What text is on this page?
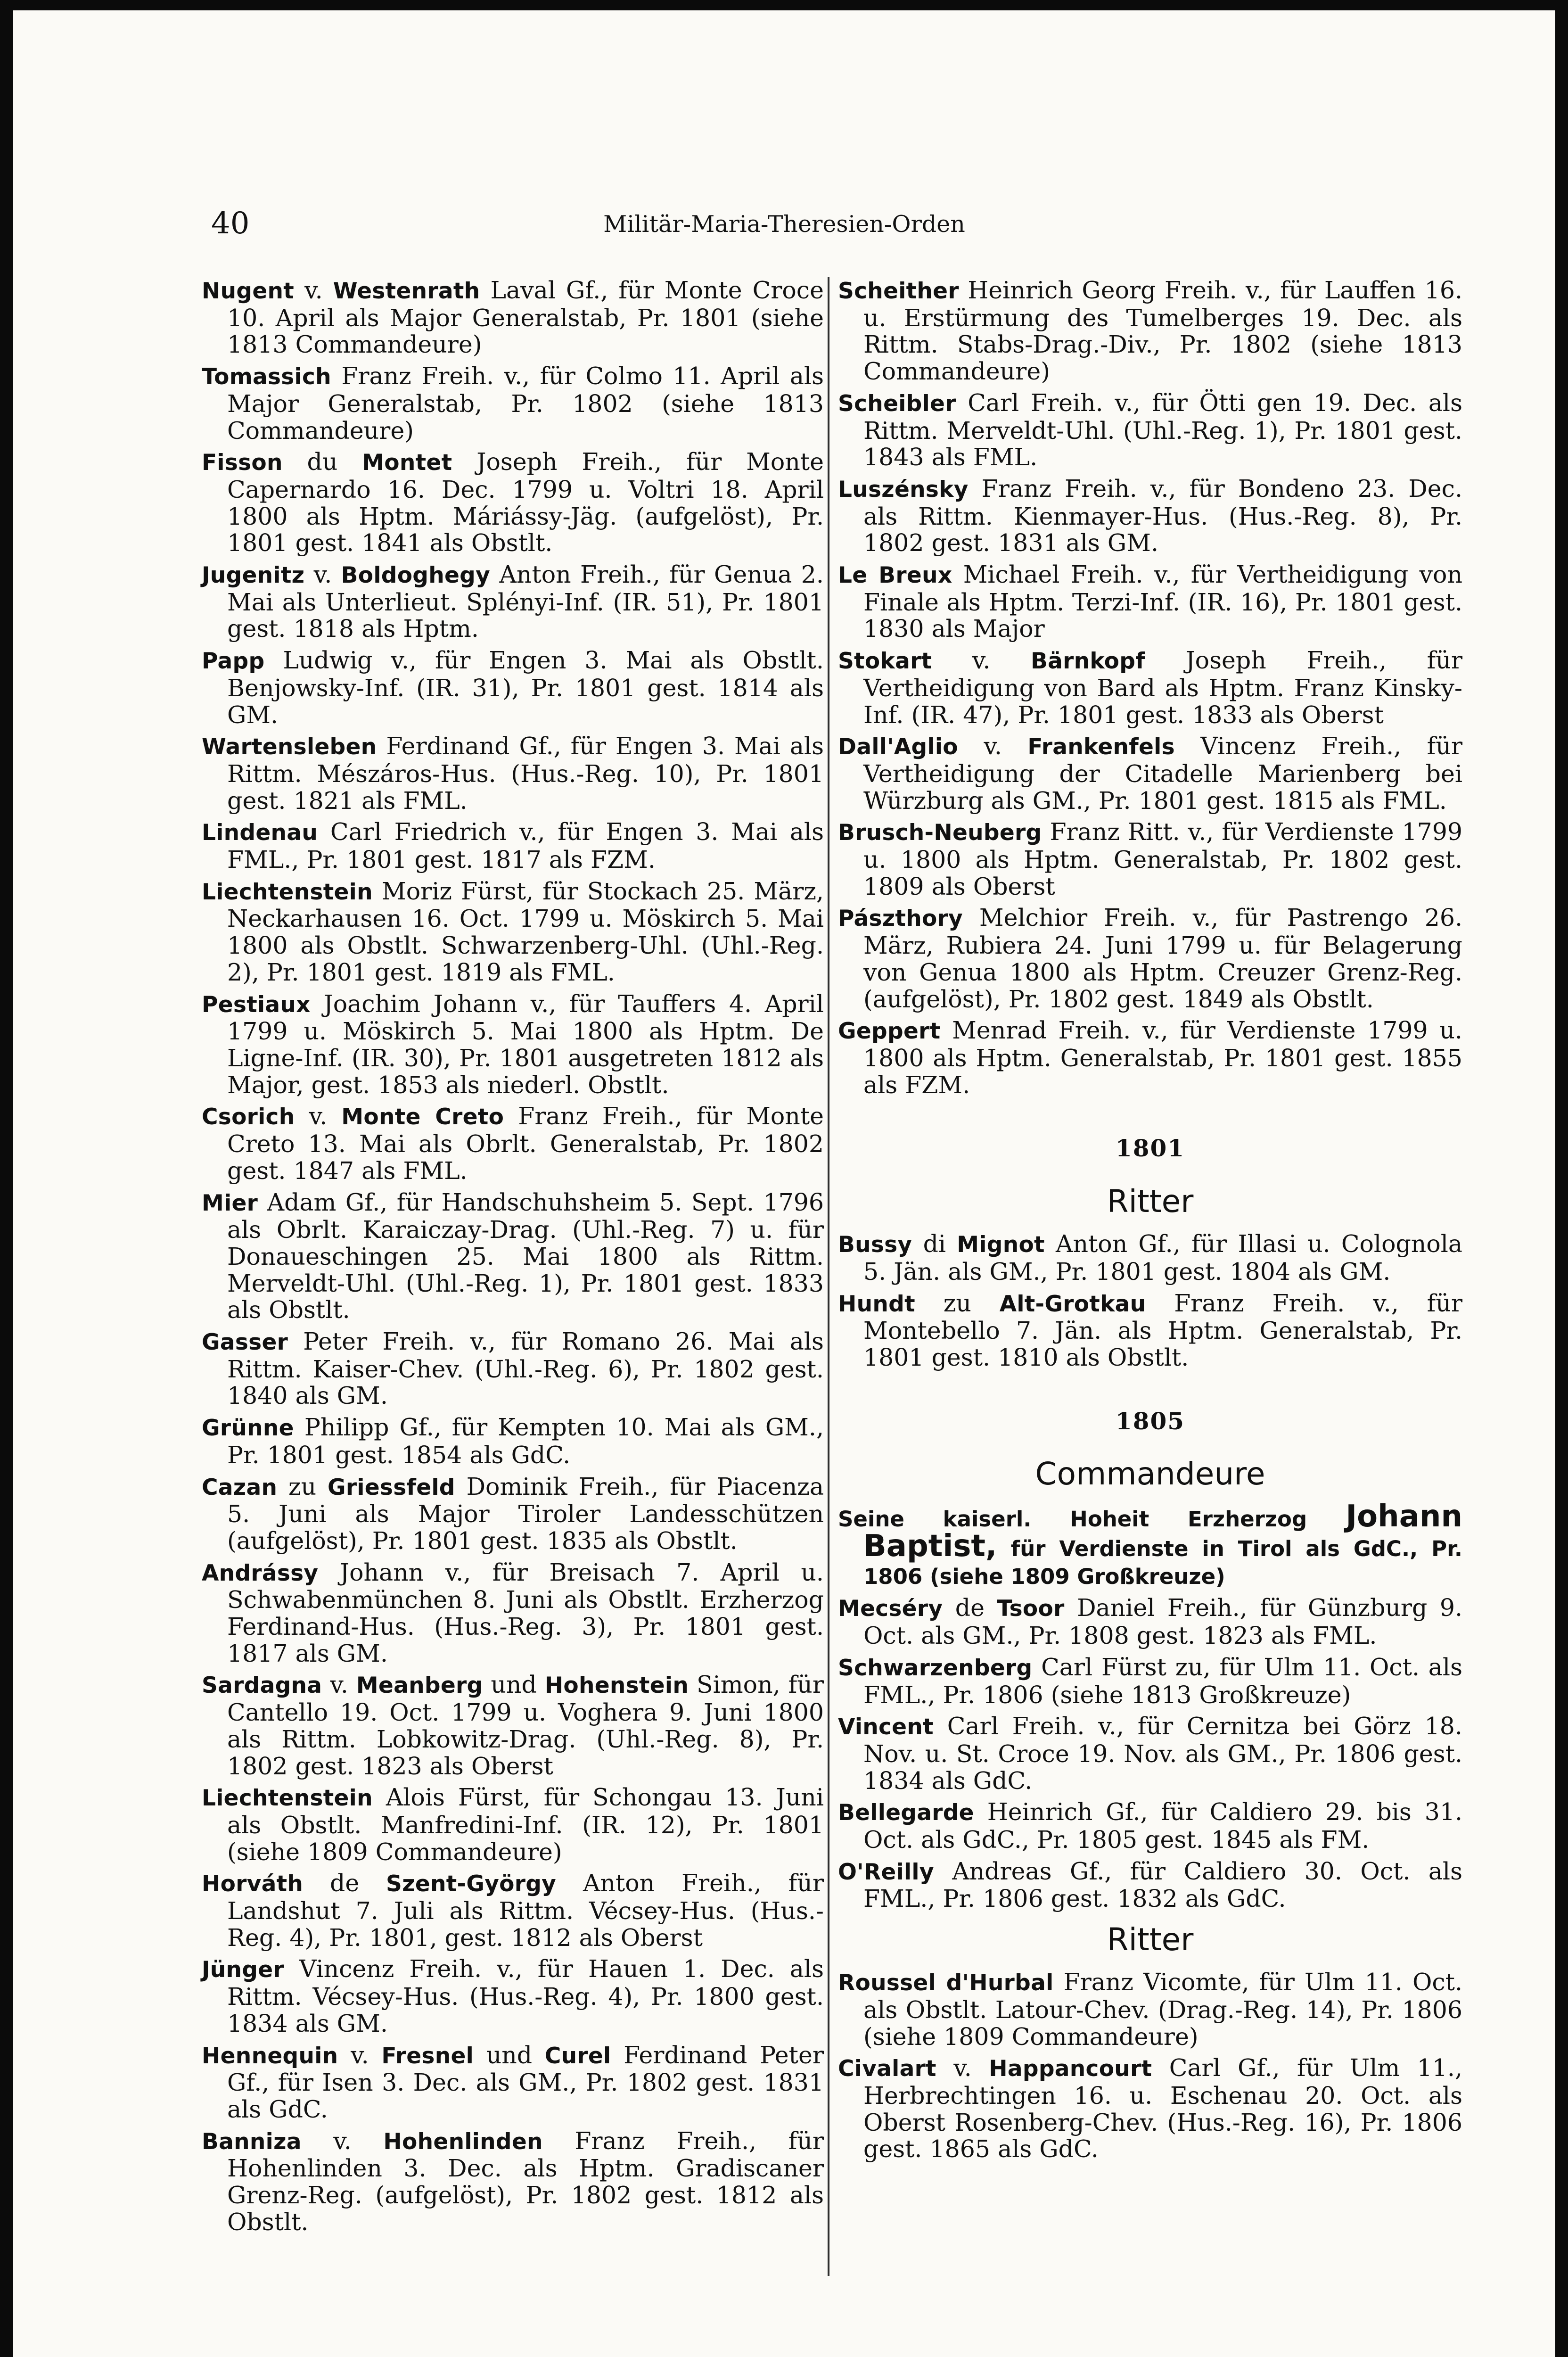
40	Militär-Maria-Theresien-Orden
Nugent v. Westenrath Laval Gf., für Monte Croce 10. April als Major Generalstab, Pr. 1801 (siehe 1813 Commandeure)
Tomassich Franz Freih. v., für Colmo 11. April als Major Generalstab, Pr. 1802 (siehe 1813 Commandeure)
Fisson du Montet Joseph Freih., für Monte Capernardo 16. Dec. 1799 u. Voltri 18. April 1800 als Hptm. Máriássy-Jäg. (aufgelöst), Pr. 1801 gest. 1841 als Obstlt.
Jugenitz v. Boldoghegy Anton Freih., für Genua 2. Mai als Unterlieut. Splényi-Inf. (IR. 51), Pr. 1801 gest. 1818 als Hptm.
Papp Ludwig v., für Engen 3. Mai als Obstlt. Benjowsky-Inf. (IR. 31), Pr. 1801 gest. 1814 als GM.
Wartensleben Ferdinand Gf., für Engen 3. Mai als Rittm. Mészáros-Hus. (Hus.-Reg. 10), Pr. 1801 gest. 1821 als FML.
Lindenau Carl Friedrich v., für Engen 3. Mai als FML., Pr. 1801 gest. 1817 als FZM.
Liechtenstein Moriz Fürst, für Stockach 25. März, Neckarhausen 16. Oct. 1799 u. Möskirch 5. Mai 1800 als Obstlt. Schwarzenberg-Uhl. (Uhl.-Reg. 2), Pr. 1801 gest. 1819 als FML.
Pestiaux Joachim Johann v., für Tauffers 4. April 1799 u. Möskirch 5. Mai 1800 als Hptm. De Ligne-Inf. (IR. 30), Pr. 1801 ausgetreten 1812 als Major, gest. 1853 als niederl. Obstlt.
Csorich v. Monte Creto Franz Freih., für Monte Creto 13. Mai als Obrlt. Generalstab, Pr. 1802 gest. 1847 als FML.
Mier Adam Gf., für Handschuhsheim 5. Sept. 1796 als Obrlt. Karaiczay-Drag. (Uhl.-Reg. 7) u. für Donaueschingen 25. Mai 1800 als Rittm. Merveldt-Uhl. (Uhl.-Reg. 1), Pr. 1801 gest. 1833 als Obstlt.
Gasser Peter Freih. v., für Romano 26. Mai als Rittm. Kaiser-Chev. (Uhl.-Reg. 6), Pr. 1802 gest. 1840 als GM.
Grünne Philipp Gf., für Kempten 10. Mai als GM., Pr. 1801 gest. 1854 als GdC.
Cazan zu Griessfeld Dominik Freih., für Piacenza 5. Juni als Major Tiroler Landesschützen (aufgelöst), Pr. 1801 gest. 1835 als Obstlt.
Andrássy Johann v., für Breisach 7. April u. Schwabenmünchen 8. Juni als Obstlt. Erzherzog Ferdinand-Hus. (Hus.-Reg. 3), Pr. 1801 gest. 1817 als GM.
Sardagna v. Meanberg und Hohenstein Simon, für Cantello 19. Oct. 1799 u. Voghera 9. Juni 1800 als Rittm. Lobkowitz-Drag. (Uhl.-Reg. 8), Pr. 1802 gest. 1823 als Oberst
Liechtenstein Alois Fürst, für Schongau 13. Juni als Obstlt. Manfredini-Inf. (IR. 12), Pr. 1801 (siehe 1809 Commandeure)
Horváth de Szent-György Anton Freih., für Landshut 7. Juli als Rittm. Vécsey-Hus. (Hus.-Reg. 4), Pr. 1801, gest. 1812 als Oberst
Jünger Vincenz Freih. v., für Hauen 1. Dec. als Rittm. Vécsey-Hus. (Hus.-Reg. 4), Pr. 1800 gest. 1834 als GM.
Hennequin v. Fresnel und Curel Ferdinand Peter Gf., für Isen 3. Dec. als GM., Pr. 1802 gest. 1831 als GdC.
Banniza v. Hohenlinden Franz Freih., für Hohenlinden 3. Dec. als Hptm. Gradiscaner Grenz-Reg. (aufgelöst), Pr. 1802 gest. 1812 als Obstlt.
Scheither Heinrich Georg Freih. v., für Lauffen 16. u. Erstürmung des Tumelberges 19. Dec. als Rittm. Stabs-Drag.-Div., Pr. 1802 (siehe 1813 Commandeure)
Scheibler Carl Freih. v., für Ötti gen 19. Dec. als Rittm. Merveldt-Uhl. (Uhl.-Reg. 1), Pr. 1801 gest. 1843 als FML.
Luszénsky Franz Freih. v., für Bondeno 23. Dec. als Rittm. Kienmayer-Hus. (Hus.-Reg. 8), Pr. 1802 gest. 1831 als GM.
Le Breux Michael Freih. v., für Vertheidigung von Finale als Hptm. Terzi-Inf. (IR. 16), Pr. 1801 gest. 1830 als Major
Stokart v. Bärnkopf Joseph Freih., für Vertheidigung von Bard als Hptm. Franz Kinsky-Inf. (IR. 47), Pr. 1801 gest. 1833 als Oberst
Dall'Aglio v. Frankenfels Vincenz Freih., für Vertheidigung der Citadelle Marienberg bei Würzburg als GM., Pr. 1801 gest. 1815 als FML.
Brusch-Neuberg Franz Ritt. v., für Verdienste 1799 u. 1800 als Hptm. Generalstab, Pr. 1802 gest. 1809 als Oberst
Pászthory Melchior Freih. v., für Pastrengo 26. März, Rubiera 24. Juni 1799 u. für Belagerung von Genua 1800 als Hptm. Creuzer Grenz-Reg. (aufgelöst), Pr. 1802 gest. 1849 als Obstlt.
Geppert Menrad Freih. v., für Verdienste 1799 u. 1800 als Hptm. Generalstab, Pr. 1801 gest. 1855 als FZM.
1801
Ritter
Bussy di Mignot Anton Gf., für Illasi u. Colognola 5. Jän. als GM., Pr. 1801 gest. 1804 als GM.
Hundt zu Alt-Grotkau Franz Freih. v., für Montebello 7. Jän. als Hptm. Generalstab, Pr. 1801 gest. 1810 als Obstlt.
1805
Commandeure
Seine kaiserl. Hoheit Erzherzog Johann Baptist, für Verdienste in Tirol als GdC., Pr. 1806 (siehe 1809 Großkreuze)
Mecséry de Tsoor Daniel Freih., für Günzburg 9. Oct. als GM., Pr. 1808 gest. 1823 als FML.
Schwarzenberg Carl Fürst zu, für Ulm 11. Oct. als FML., Pr. 1806 (siehe 1813 Großkreuze)
Vincent Carl Freih. v., für Cernitza bei Görz 18. Nov. u. St. Croce 19. Nov. als GM., Pr. 1806 gest. 1834 als GdC.
Bellegarde Heinrich Gf., für Caldiero 29. bis 31. Oct. als GdC., Pr. 1805 gest. 1845 als FM.
O'Reilly Andreas Gf., für Caldiero 30. Oct. als FML., Pr. 1806 gest. 1832 als GdC.
Ritter
Roussel d'Hurbal Franz Vicomte, für Ulm 11. Oct. als Obstlt. Latour-Chev. (Drag.-Reg. 14), Pr. 1806 (siehe 1809 Commandeure)
Civalart v. Happancourt Carl Gf., für Ulm 11., Herbrechtingen 16. u. Eschenau 20. Oct. als Oberst Rosenberg-Chev. (Hus.-Reg. 16), Pr. 1806 gest. 1865 als GdC.
